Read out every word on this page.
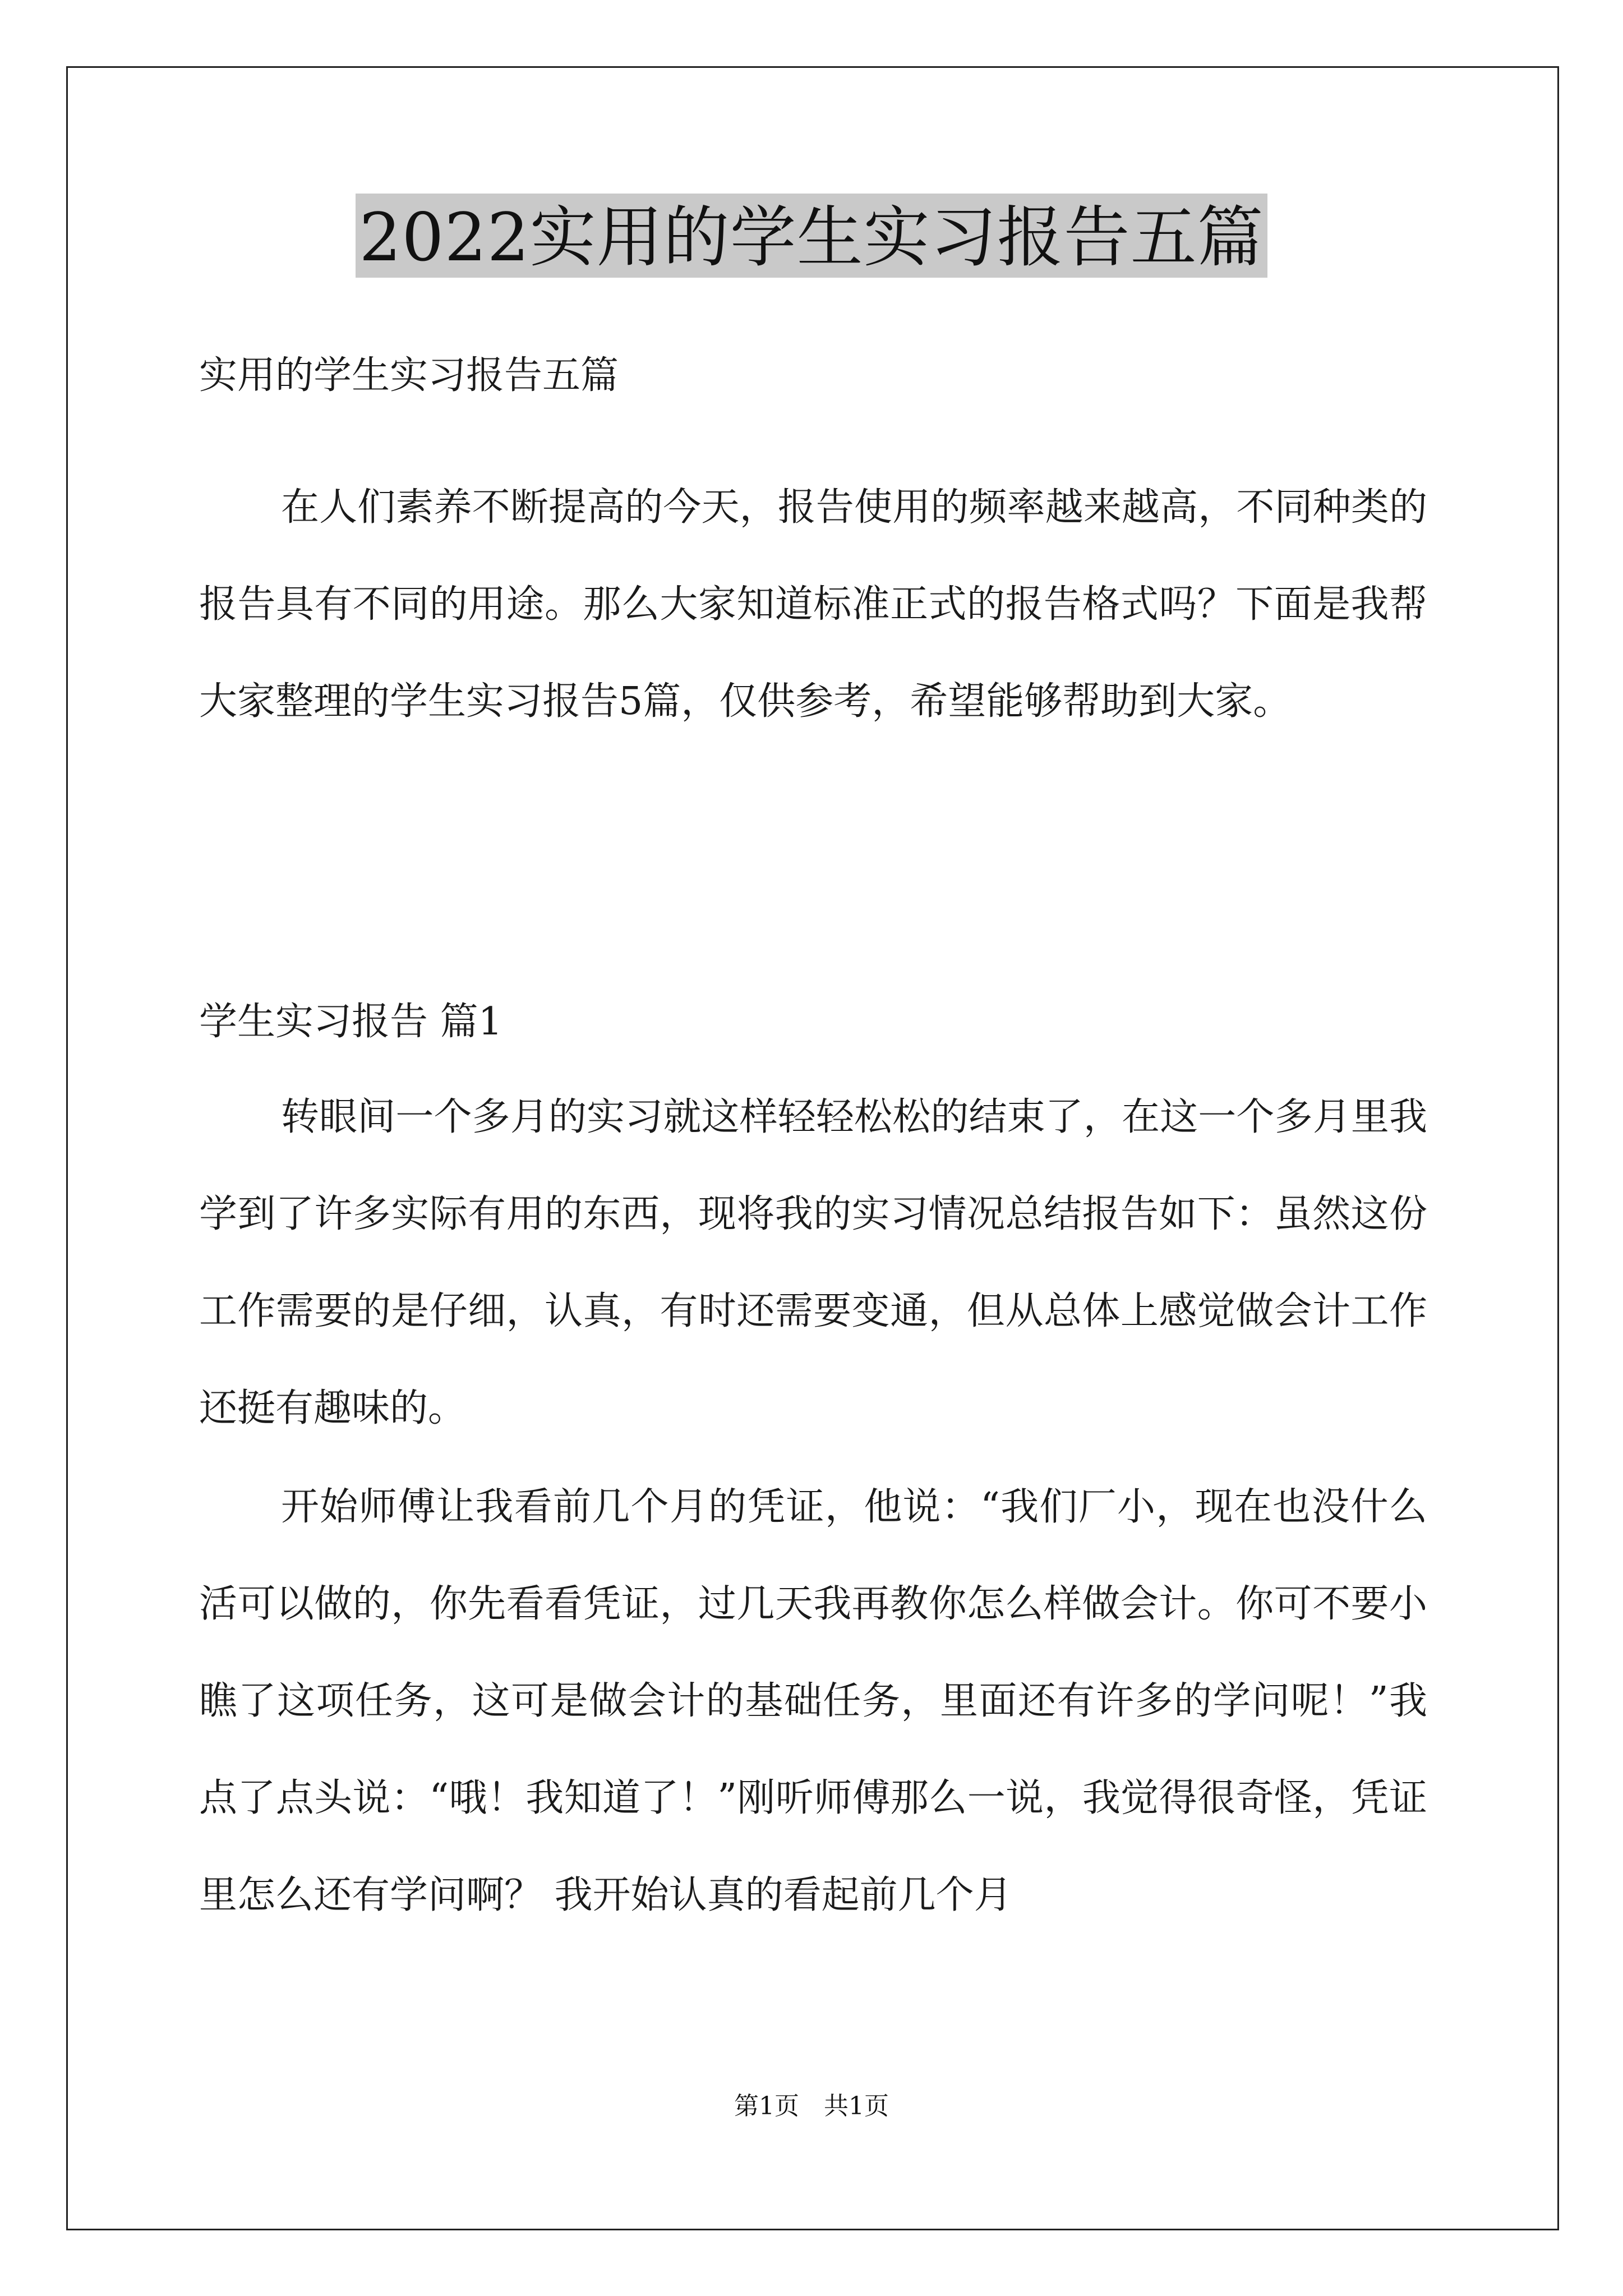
2022实用的学生实习报告五篇
实用的学生实习报告五篇

在人们素养不断提高的今天，报告使用的频率越来越高，不同种类的报告具有不同的用途。那么大家知道标准正式的报告格式吗？下面是我帮大家整理的学生实习报告5篇，仅供参考，希望能够帮助到大家。

学生实习报告 篇1

转眼间一个多月的实习就这样轻轻松松的结束了，在这一个多月里我学到了许多实际有用的东西，现将我的实习情况总结报告如下：虽然这份工作需要的是仔细，认真，有时还需要变通，但从总体上感觉做会计工作还挺有趣味的。

开始师傅让我看前几个月的凭证，他说：“我们厂小，现在也没什么活可以做的，你先看看凭证，过几天我再教你怎么样做会计。你可不要小瞧了这项任务，这可是做会计的基础任务，里面还有许多的学问呢！”我点了点头说：“哦！我知道了！”刚听师傅那么一说，我觉得很奇怪，凭证里怎么还有学问啊？ 我开始认真的看起前几个月

第1页　共1页
